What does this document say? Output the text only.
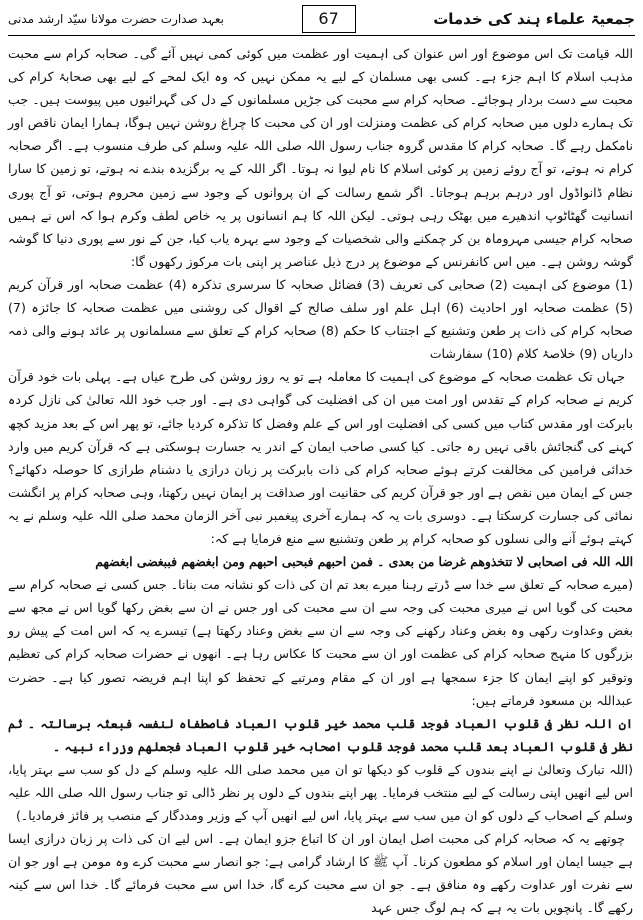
جمعیۃ علماء ہند کی خدمات
67
بعہد صدارت حضرت مولانا سیّد ارشد مدنی

اللہ قیامت تک اس موضوع اور اس عنوان کی اہمیت اور عظمت میں کوئی کمی نہیں آئے گی۔ صحابہ کرام سے محبت مذہب اسلام کا اہم جزء ہے۔ کسی بھی مسلمان کے لیے یہ ممکن نہیں کہ وہ ایک لمحے کے لیے بھی صحابۂ کرام کی محبت سے دست بردار ہوجائے۔ صحابہ کرام سے محبت کی جڑیں مسلمانوں کے دل کی گہرائیوں میں پیوست ہیں۔ جب تک ہمارے دلوں میں صحابہ کرام کی عظمت ومنزلت اور ان کی محبت کا چراغ روشن نہیں ہوگا، ہمارا ایمان ناقص اور نامکمل رہے گا۔ صحابہ کرام کا مقدس گروہ جناب رسول اللہ صلی اللہ علیہ وسلم کی طرف منسوب ہے۔ اگر صحابہ کرام نہ ہوتے، تو آج روئے زمین پر کوئی اسلام کا نام لیوا نہ ہوتا۔ اگر اللہ کے یہ برگزیدہ بندے نہ ہوتے، تو زمین کا سارا نظام ڈانواڈول اور درہم برہم ہوجاتا۔ اگر شمع رسالت کے ان پروانوں کے وجود سے زمین محروم ہوتی، تو آج پوری انسانیت گھٹاٹوپ اندھیرے میں بھٹک رہی ہوتی۔ لیکن اللہ کا ہم انسانوں پر یہ خاص لطف وکرم ہوا کہ اس نے ہمیں صحابہ کرام جیسی مہروماہ بن کر چمکنے والی شخصیات کے وجود سے بہرہ یاب کیا، جن کے نور سے پوری دنیا کا گوشہ گوشہ روشن ہے۔ میں اس کانفرنس کے موضوع پر درج ذیل عناصر پر اپنی بات مرکوز رکھوں گا:

(1) موضوع کی اہمیت (2) صحابی کی تعریف (3) فضائل صحابہ کا سرسری تذکرہ (4) عظمت صحابہ اور قرآن کریم (5) عظمت صحابہ اور احادیث (6) اہل علم اور سلف صالح کے اقوال کی روشنی میں عظمت صحابہ کا جائزہ (7) صحابہ کرام کی ذات پر طعن وتشنیع کے اجتناب کا حکم (8) صحابہ کرام کے تعلق سے مسلمانوں پر عائد ہونے والی ذمہ داریاں (9) خلاصۂ کلام (10) سفارشات

جہاں تک عظمت صحابہ کے موضوع کی اہمیت کا معاملہ ہے تو یہ روز روشن کی طرح عیاں ہے۔ پہلی بات خود قرآن کریم نے صحابہ کرام کے تقدس اور امت میں ان کی افضلیت کی گواہی دی ہے۔ اور جب خود اللہ تعالیٰ کی نازل کردہ بابرکت اور مقدس کتاب میں کسی کی افضلیت اور اس کے علم وفضل کا تذکرہ کردیا جائے، تو پھر اس کے بعد مزید کچھ کہنے کی گنجائش باقی نہیں رہ جاتی۔ کیا کسی صاحب ایمان کے اندر یہ جسارت ہوسکتی ہے کہ قرآن کریم میں وارد خدائی فرامین کی مخالفت کرتے ہوئے صحابہ کرام کی ذات بابرکت پر زبان درازی یا دشنام طرازی کا حوصلہ دکھائے؟ جس کے ایمان میں نقص ہے اور جو قرآن کریم کی حقانیت اور صداقت پر ایمان نہیں رکھتا، وہی صحابہ کرام پر انگشت نمائی کی جسارت کرسکتا ہے۔ دوسری بات یہ کہ ہمارے آخری پیغمبر نبی آخر الزمان محمد صلی اللہ علیہ وسلم نے یہ کہتے ہوئے آنے والی نسلوں کو صحابہ کرام پر طعن وتشنیع سے منع فرمایا ہے کہ:

اللہ اللہ فی اصحابی لا تتخذوھم غرضا من بعدی ۔ فمن احبھم فبحبی احبھم ومن ابغضھم فببغضی ابغضھم

(میرے صحابہ کے تعلق سے خدا سے ڈرتے رہنا میرے بعد تم ان کی ذات کو نشانہ مت بنانا۔ جس کسی نے صحابہ کرام سے محبت کی گویا اس نے میری محبت کی وجہ سے ان سے محبت کی اور جس نے ان سے بغض رکھا گویا اس نے مجھ سے بغض وعداوت رکھی وہ بغض وعناد رکھنے کی وجہ سے ان سے بغض وعناد رکھتا ہے) تیسرے یہ کہ اس امت کے پیش رو بزرگوں کا منہج صحابہ کرام کی عظمت اور ان سے محبت کا عکاس رہا ہے۔ انھوں نے حضرات صحابہ کرام کی تعظیم وتوقیر کو اپنے ایمان کا جزء سمجھا ہے اور ان کے مقام ومرتبے کے تحفظ کو اپنا اہم فریضہ تصور کیا ہے۔ حضرت عبداللہ بن مسعود فرماتے ہیں:

ان اللہ نظر فی قلوب العباد فوجد قلب محمد خیر قلوب العباد فاصطفاہ لنفسہ فبعثہ برسالتہ ۔ ثم نظر فی قلوب العباد بعد قلب محمد فوجد قلوب اصحابہ خیر قلوب العباد فجعلھم وزراء نبیہ ۔

(اللہ تبارک وتعالیٰ نے اپنے بندوں کے قلوب کو دیکھا تو ان میں محمد صلی اللہ علیہ وسلم کے دل کو سب سے بہتر پایا، اس لیے انھیں اپنی رسالت کے لیے منتخب فرمایا۔ پھر اپنے بندوں کے دلوں پر نظر ڈالی تو جناب رسول اللہ صلی اللہ علیہ وسلم کے اصحاب کے دلوں کو ان میں سب سے بہتر پایا، اس لیے انھیں آپ کے وزیر ومددگار کے منصب پر فائز فرمادیا۔)

چوتھے یہ کہ صحابہ کرام کی محبت اصل ایمان اور ان کا اتباع جزو ایمان ہے۔ اس لیے ان کی ذات پر زبان درازی ایسا ہے جیسا ایمان اور اسلام کو مطعون کرنا۔ آپ ﷺ کا ارشاد گرامی ہے: جو انصار سے محبت کرے وہ مومن ہے اور جو ان سے نفرت اور عداوت رکھے وہ منافق ہے۔ جو ان سے محبت کرے گا، خدا اس سے محبت فرمائے گا۔ خدا اس سے کینہ رکھے گا۔ پانچویں بات یہ ہے کہ ہم لوگ جس عہد
